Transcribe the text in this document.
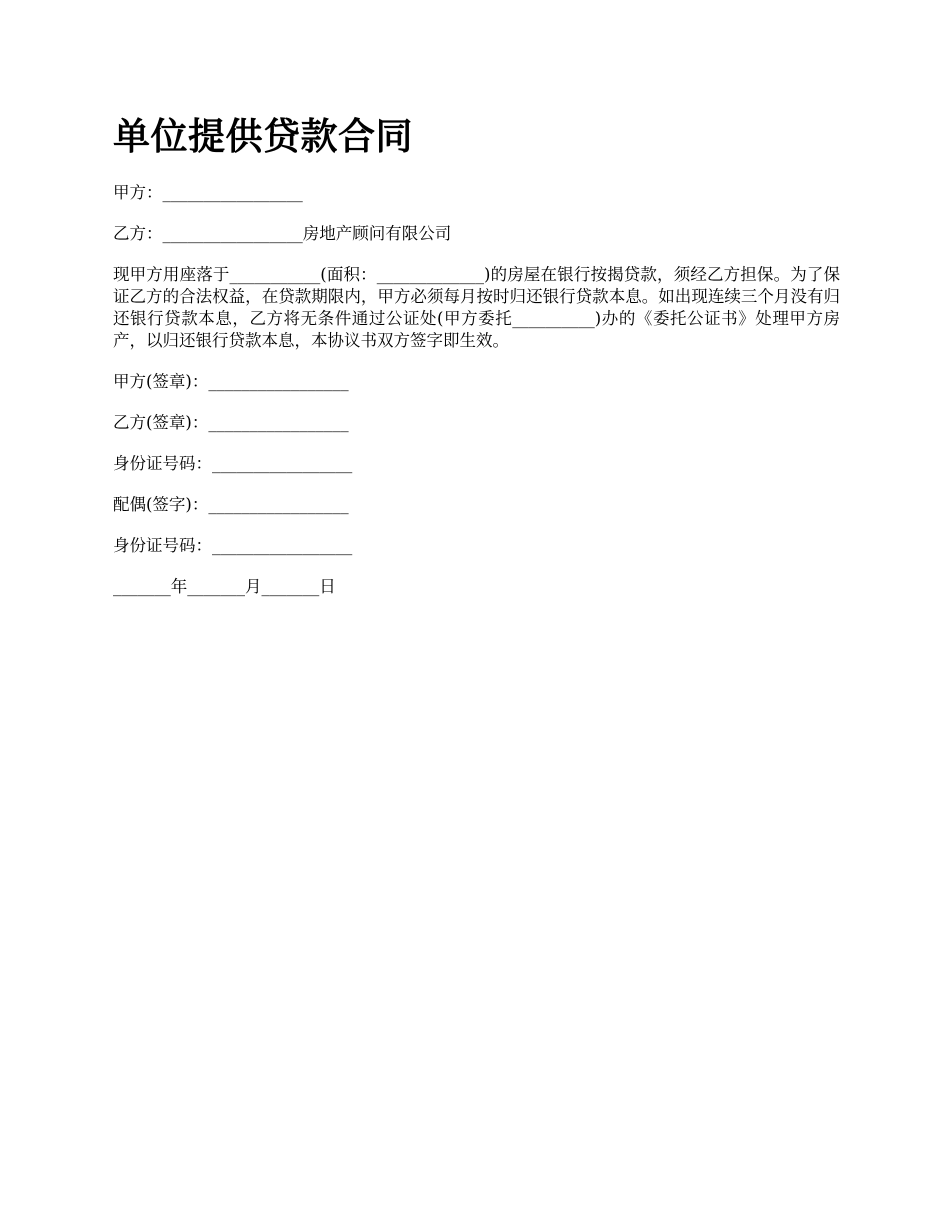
单位提供贷款合同

甲方：_________________

乙方：_________________房地产顾问有限公司

现甲方用座落于___________(面积：_____________)的房屋在银行按揭贷款，须经乙方担保。为了保证乙方的合法权益，在贷款期限内，甲方必须每月按时归还银行贷款本息。如出现连续三个月没有归还银行贷款本息，乙方将无条件通过公证处(甲方委托__________)办的《委托公证书》处理甲方房产，以归还银行贷款本息，本协议书双方签字即生效。

甲方(签章)：_________________

乙方(签章)：_________________

身份证号码：_________________

配偶(签字)：_________________

身份证号码：_________________

_______年_______月_______日
